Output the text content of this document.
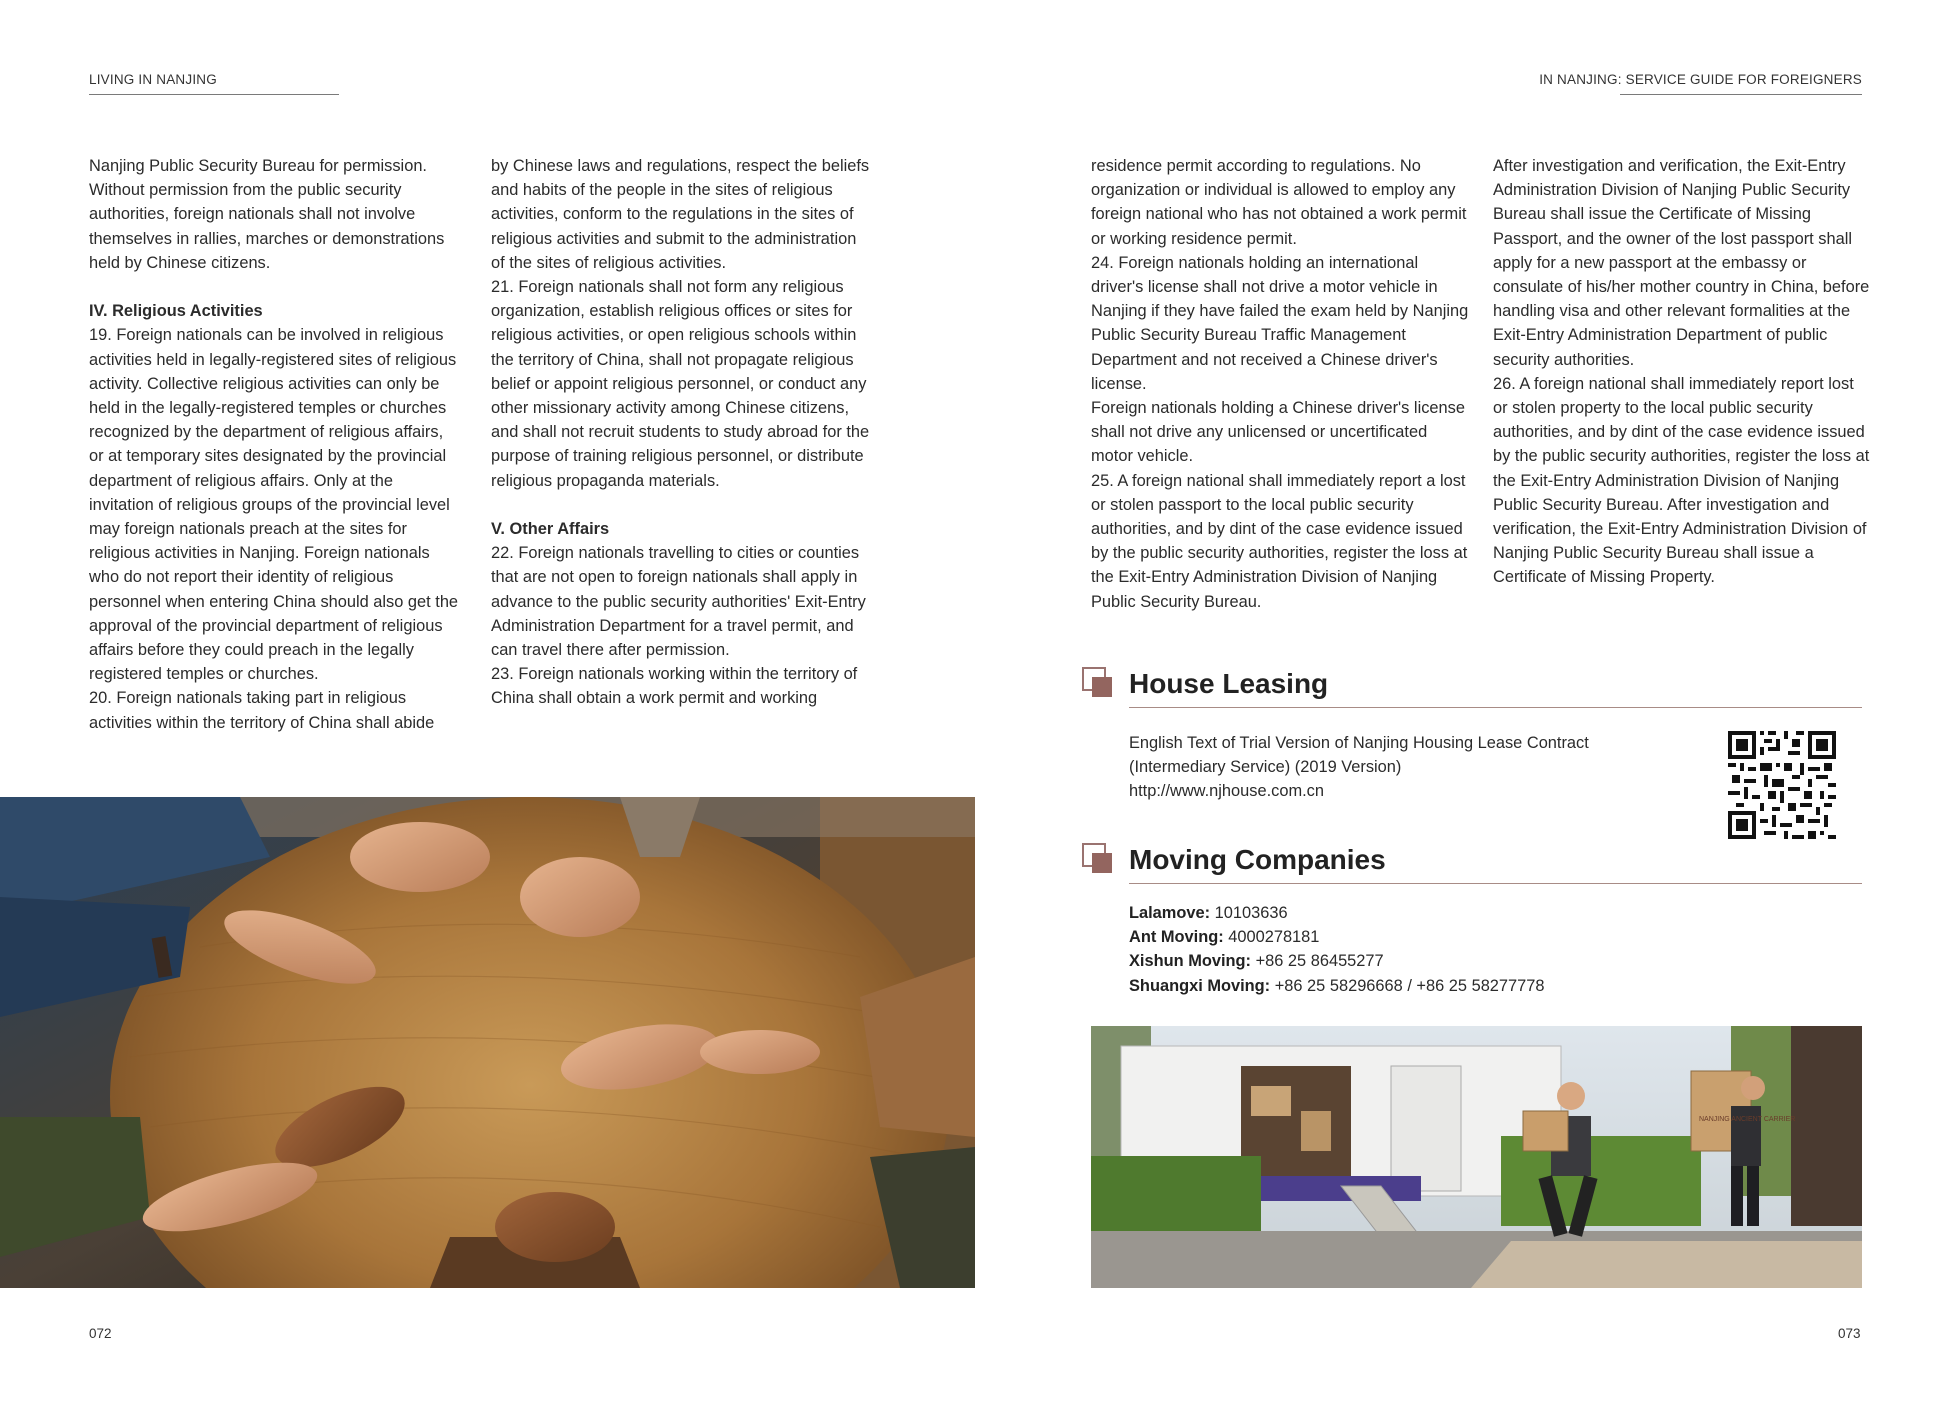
LIVING IN NANJING	IN NANJING: SERVICE GUIDE FOR FOREIGNERS

Nanjing Public Security Bureau for permission. Without permission from the public security authorities, foreign nationals shall not involve themselves in rallies, marches or demonstrations held by Chinese citizens.

IV. Religious Activities

19. Foreign nationals can be involved in religious activities held in legally-registered sites of religious activity. Collective religious activities can only be held in the legally-registered temples or churches recognized by the department of religious affairs, or at temporary sites designated by the provincial department of religious affairs. Only at the invitation of religious groups of the provincial level may foreign nationals preach at the sites for religious activities in Nanjing. Foreign nationals who do not report their identity of religious personnel when entering China should also get the approval of the provincial department of religious affairs before they could preach in the legally registered temples or churches.

20. Foreign nationals taking part in religious activities within the territory of China shall abide

by Chinese laws and regulations, respect the beliefs and habits of the people in the sites of religious activities, conform to the regulations in the sites of religious activities and submit to the administration of the sites of religious activities.

21. Foreign nationals shall not form any religious organization, establish religious offices or sites for religious activities, or open religious schools within the territory of China, shall not propagate religious belief or appoint religious personnel, or conduct any other missionary activity among Chinese citizens, and shall not recruit students to study abroad for the purpose of training religious personnel, or distribute religious propaganda materials.

V. Other Affairs

22. Foreign nationals travelling to cities or counties that are not open to foreign nationals shall apply in advance to the public security authorities' Exit-Entry Administration Department for a travel permit, and can travel there after permission.

23. Foreign nationals working within the territory of China shall obtain a work permit and working

residence permit according to regulations. No organization or individual is allowed to employ any foreign national who has not obtained a work permit or working residence permit.

24. Foreign nationals holding an international driver's license shall not drive a motor vehicle in Nanjing if they have failed the exam held by Nanjing Public Security Bureau Traffic Management Department and not received a Chinese driver's license.

Foreign nationals holding a Chinese driver's license shall not drive any unlicensed or uncertificated motor vehicle.

25. A foreign national shall immediately report a lost or stolen passport to the local public security authorities, and by dint of the case evidence issued by the public security authorities, register the loss at the Exit-Entry Administration Division of Nanjing Public Security Bureau.

After investigation and verification, the Exit-Entry Administration Division of Nanjing Public Security Bureau shall issue the Certificate of Missing Passport, and the owner of the lost passport shall apply for a new passport at the embassy or consulate of his/her mother country in China, before handling visa and other relevant formalities at the Exit-Entry Administration Department of public security authorities.

26. A foreign national shall immediately report lost or stolen property to the local public security authorities, and by dint of the case evidence issued by the public security authorities, register the loss at the Exit-Entry Administration Division of Nanjing Public Security Bureau. After investigation and verification, the Exit-Entry Administration Division of Nanjing Public Security Bureau shall issue a Certificate of Missing Property.

House Leasing
English Text of Trial Version of Nanjing Housing Lease Contract
(Intermediary Service) (2019 Version)
http://www.njhouse.com.cn
Moving Companies
Lalamove: 10103636
Ant Moving: 4000278181
Xishun Moving: +86 25 86455277
Shuangxi Moving: +86 25 58296668 / +86 25 58277778
NANJING ANCIENT CARRIER
072	073
